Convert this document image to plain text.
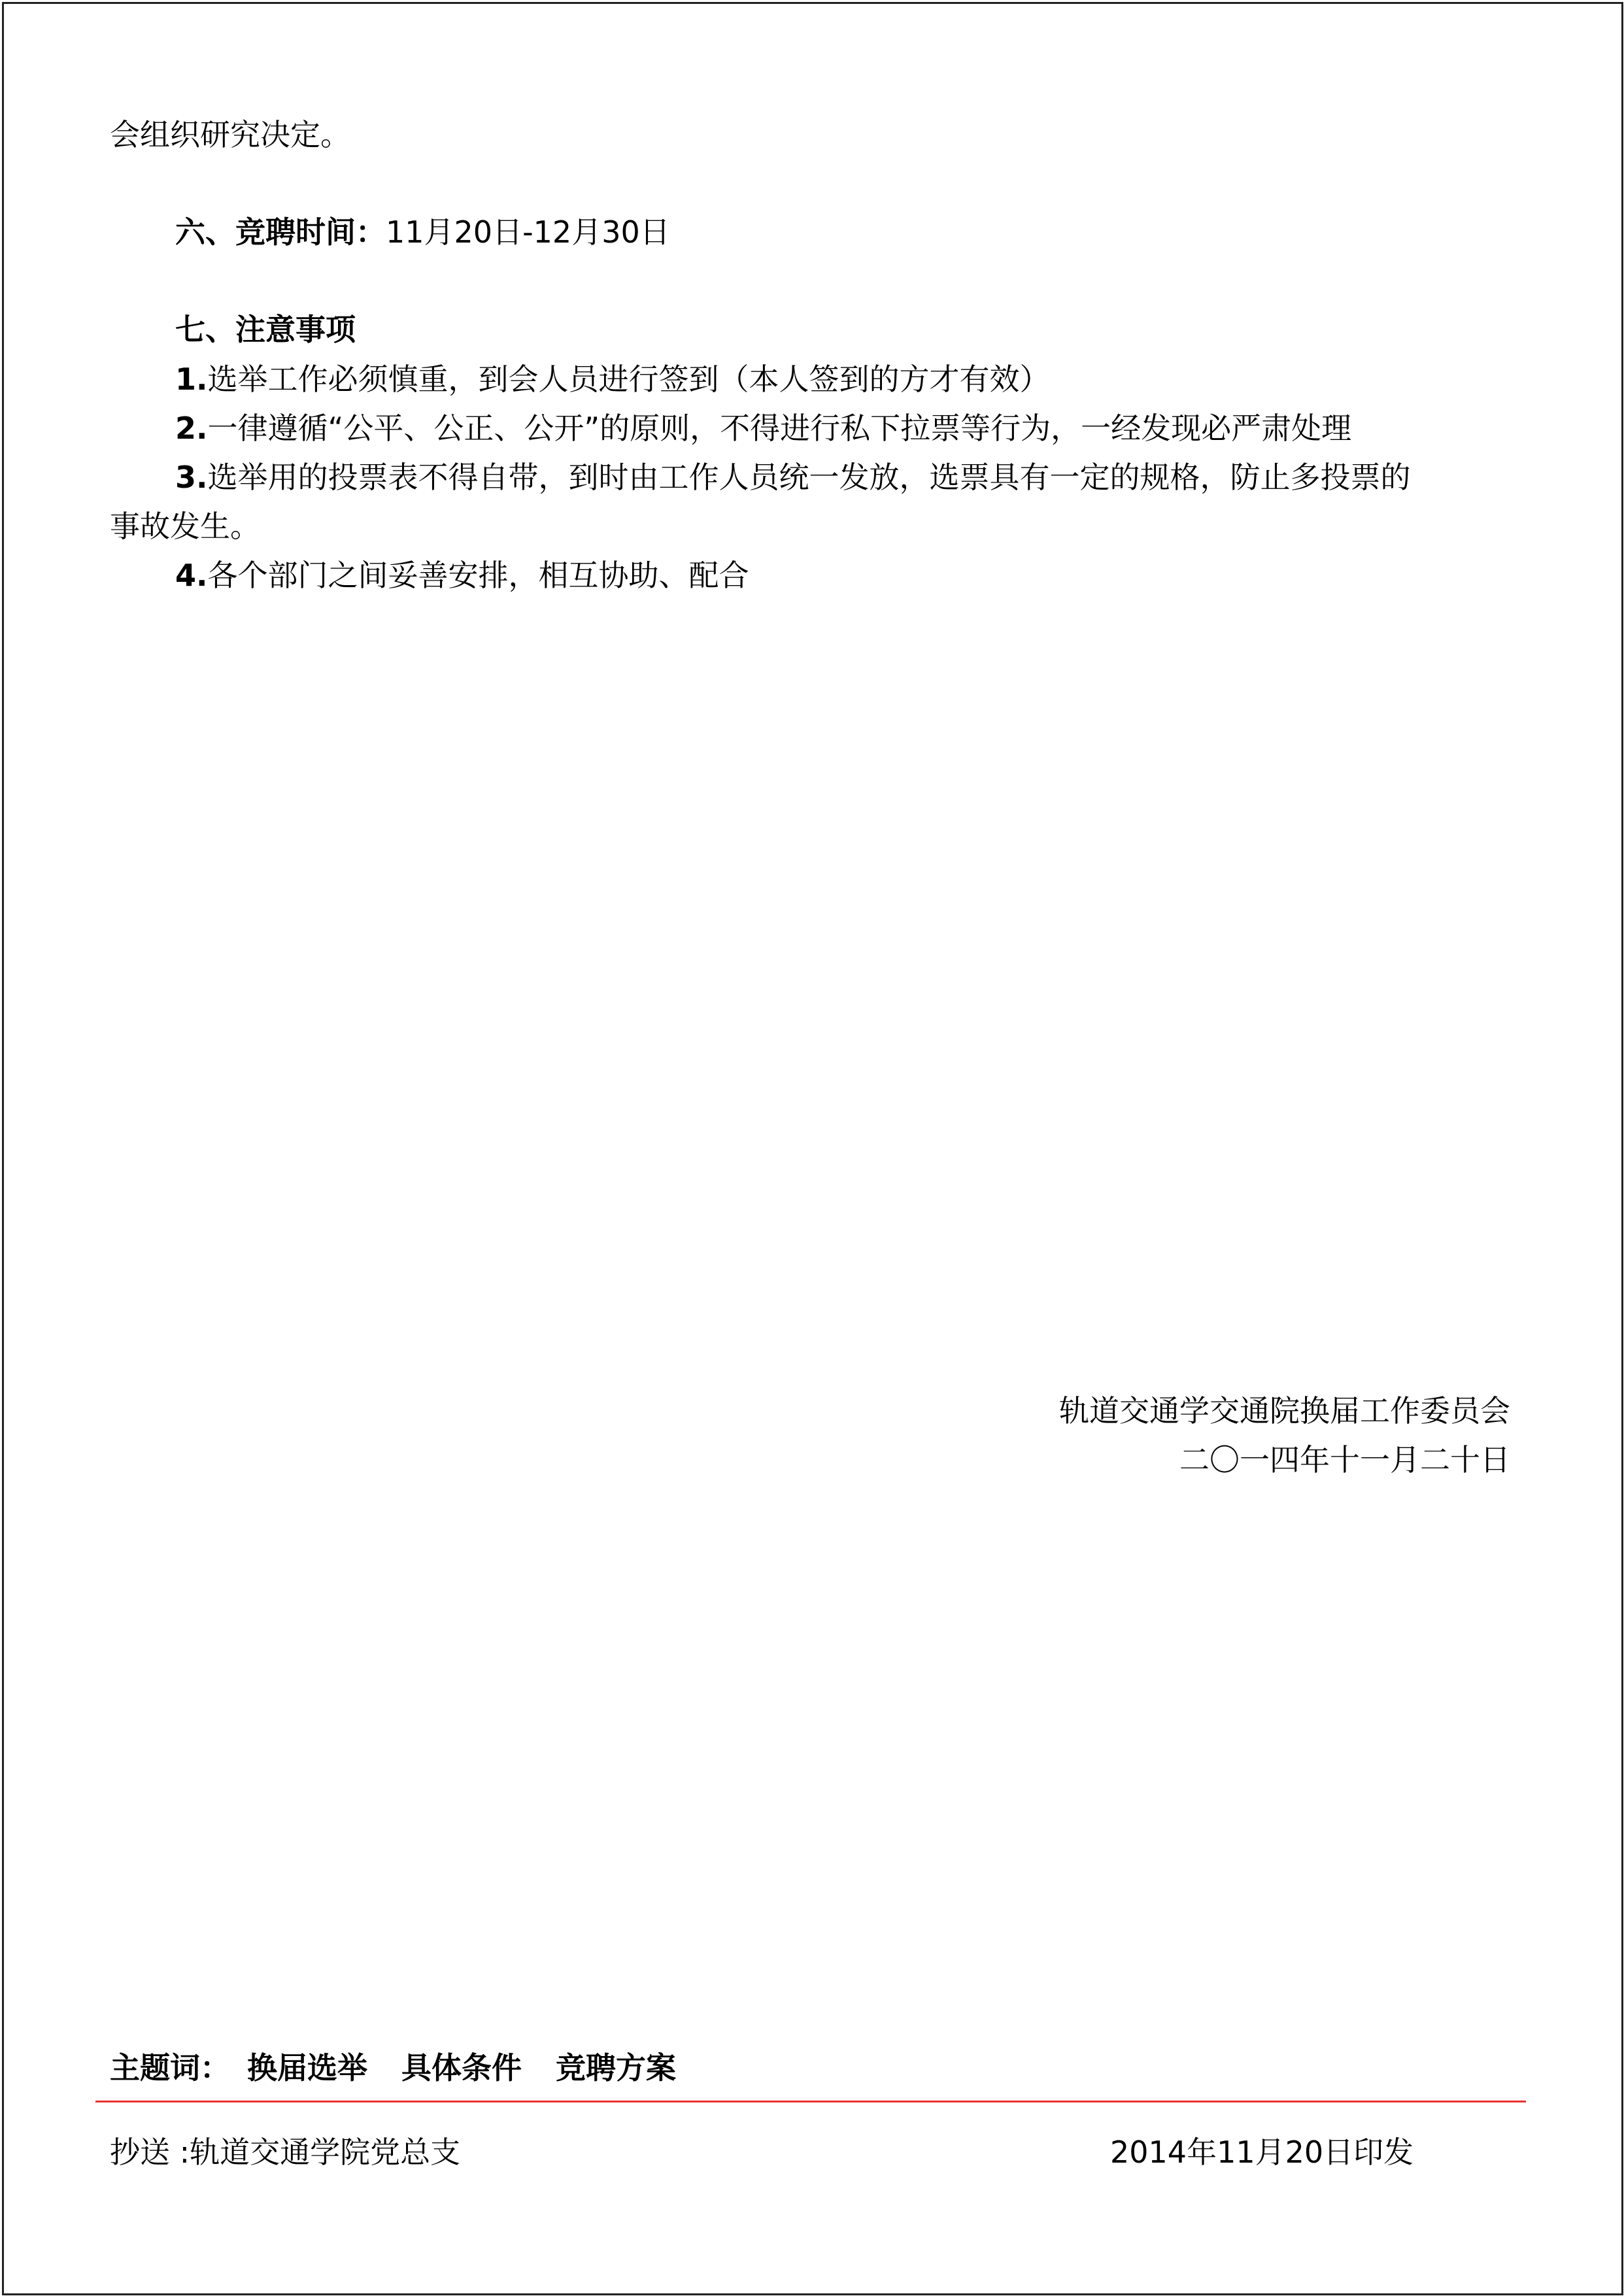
会组织研究决定。
六、竞聘时间：11月20日-12月30日
七、注意事项
1.选举工作必须慎重，到会人员进行签到（本人签到的方才有效）
2.一律遵循“公平、公正、公开”的原则，不得进行私下拉票等行为，一经发现必严肃处理
3.选举用的投票表不得自带，到时由工作人员统一发放，选票具有一定的规格，防止多投票的
事故发生。
4.各个部门之间妥善安排，相互协助、配合
轨道交通学交通院换届工作委员会
二〇一四年十一月二十日
主题词： 换届选举 具体条件 竞聘方案
抄送 :轨道交通学院党总支	2014年11月20日印发
